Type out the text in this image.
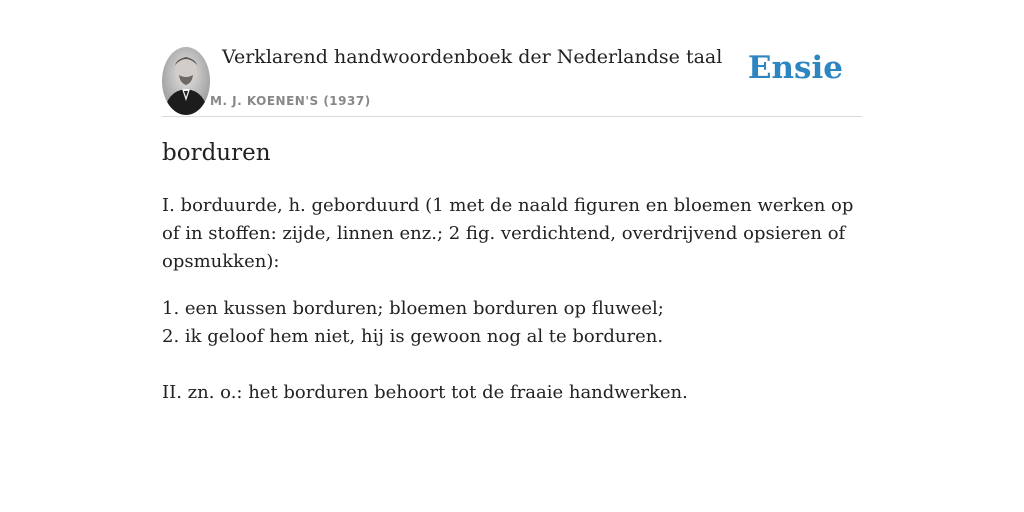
Verklarend handwoordenboek der Nederlandse taal
M. J. KOENEN'S (1937)
Ensie
borduren

I. borduurde, h. geborduurd (1 met de naald figuren en bloemen werken op of in stoffen: zijde, linnen enz.; 2 fig. verdichtend, overdrijvend opsieren of opsmukken):

1. een kussen borduren; bloemen borduren op fluweel;
2. ik geloof hem niet, hij is gewoon nog al te borduren.

II. zn. o.: het borduren behoort tot de fraaie handwerken.
